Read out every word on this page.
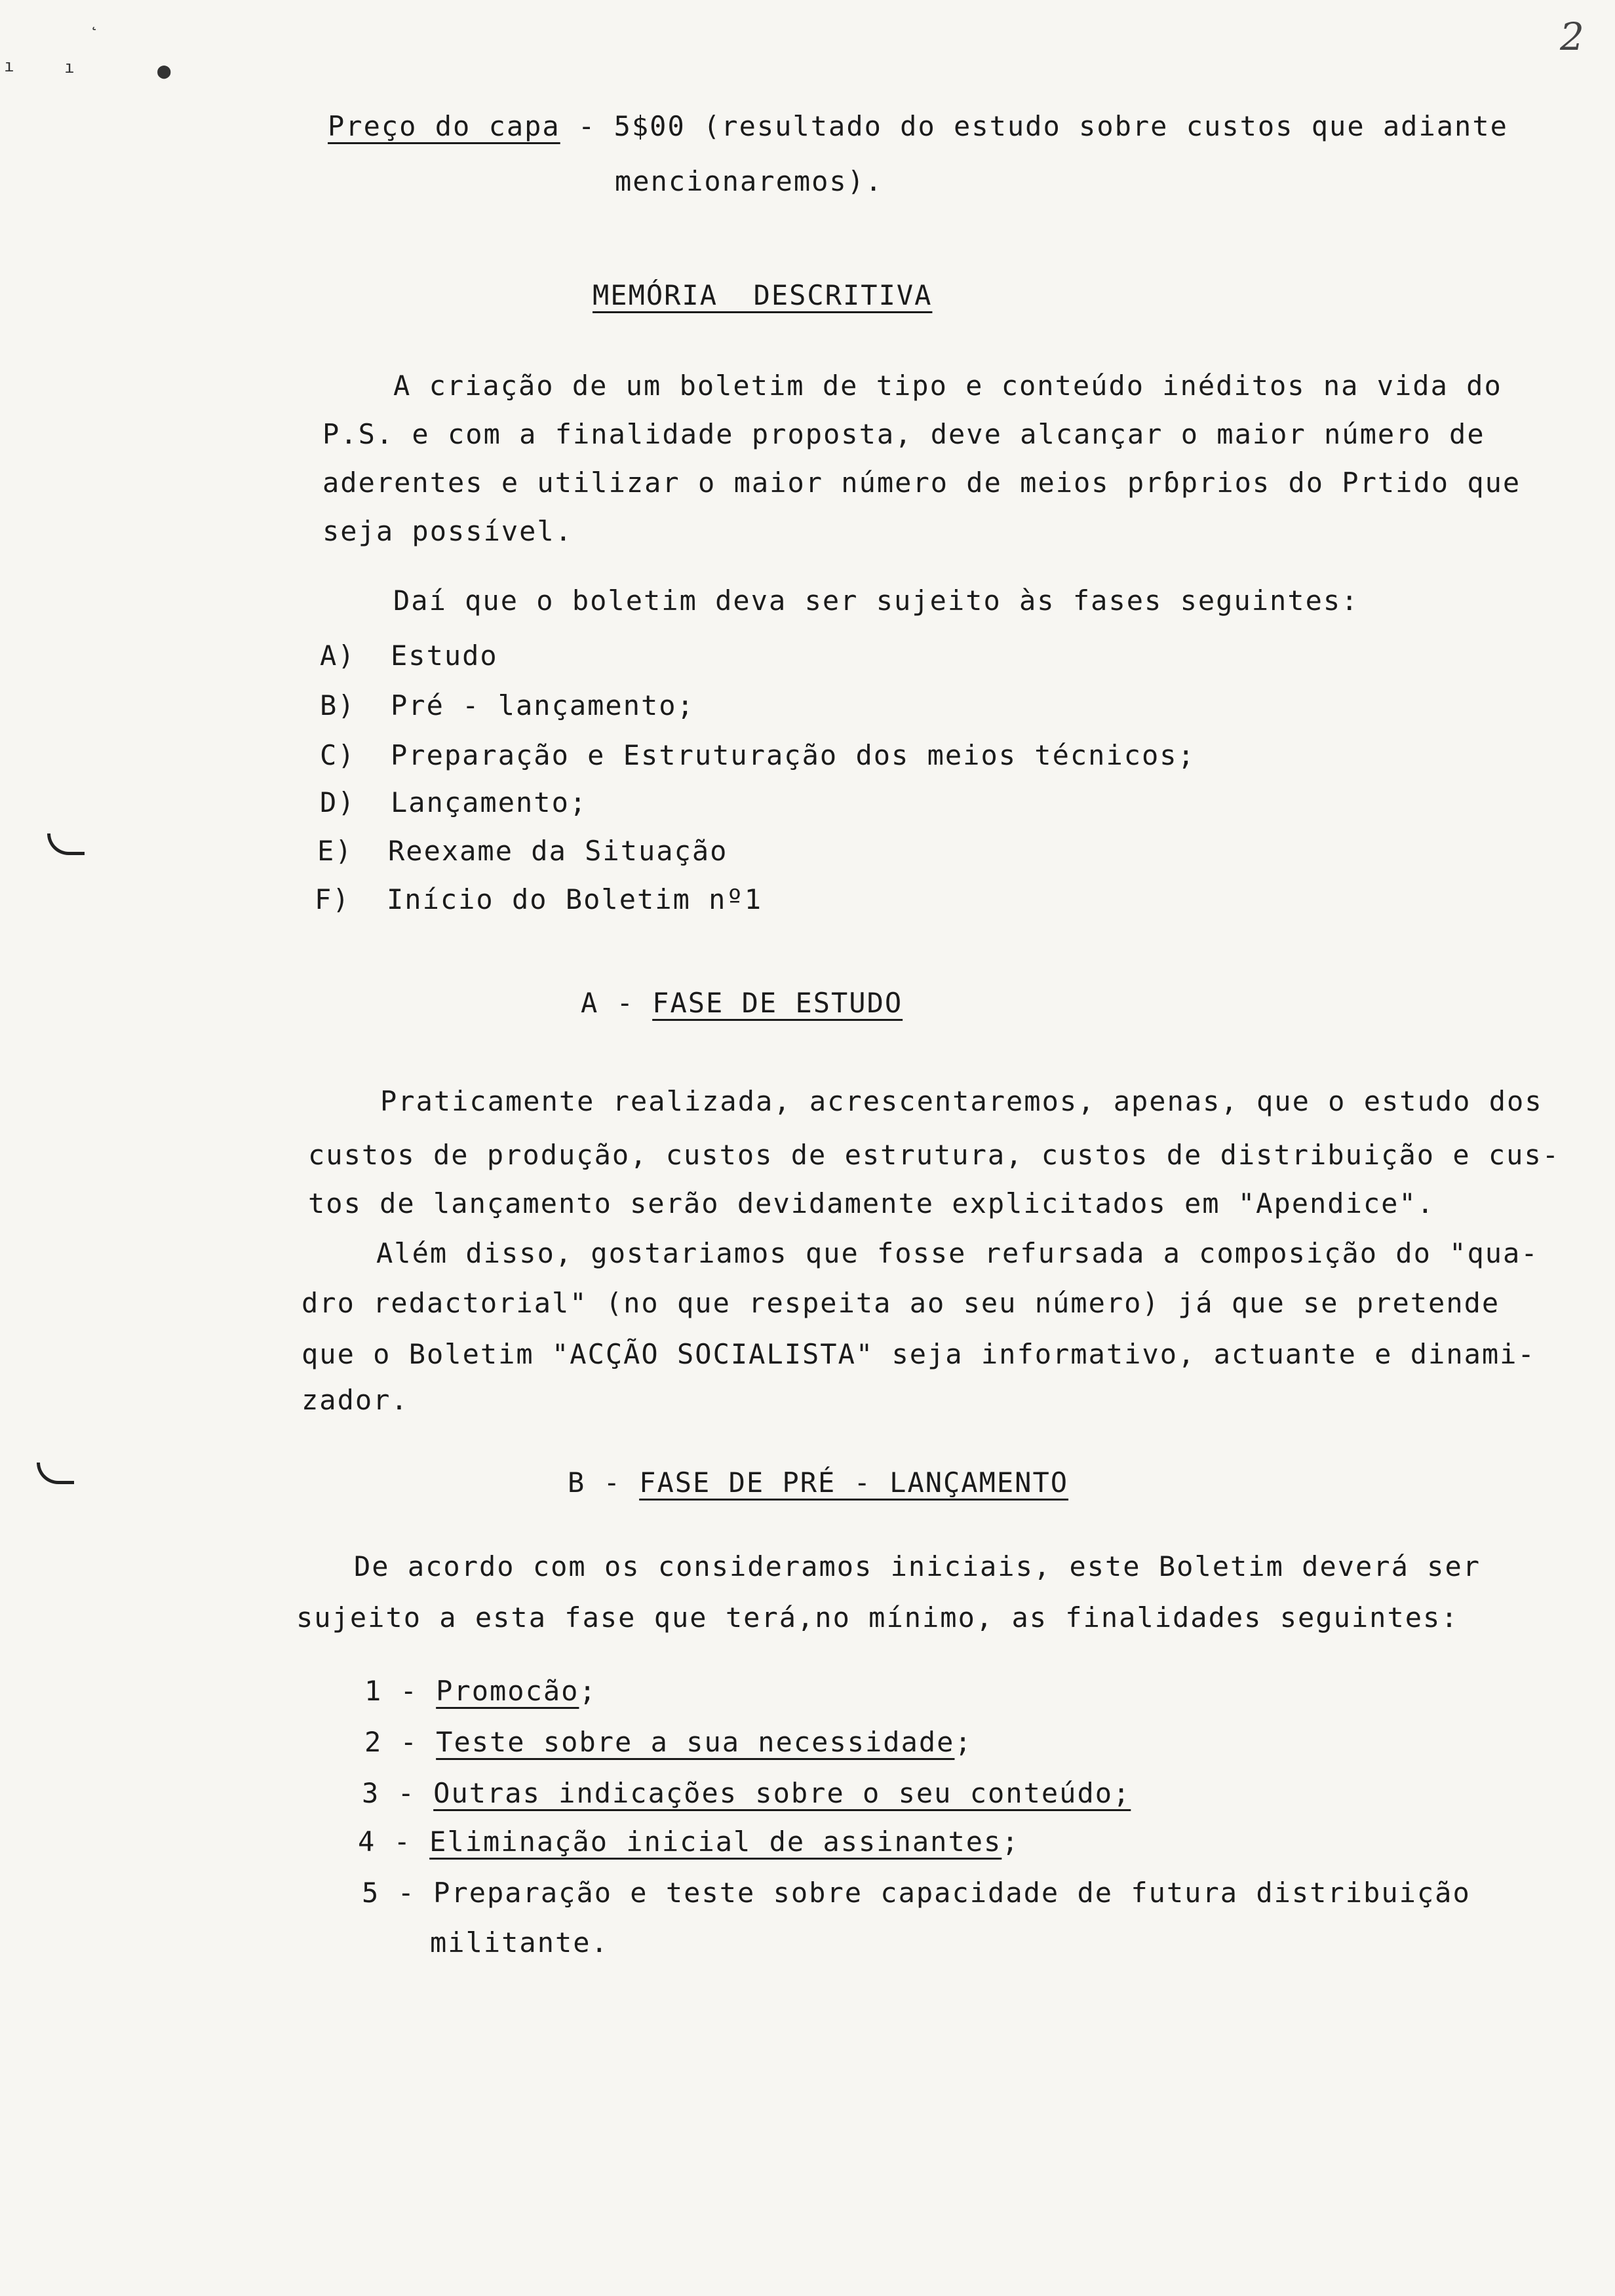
2
˛
ı	ı	●
Preço do capa - 5$00 (resultado do estudo sobre custos que adiante
mencionaremos).
MEMÓRIA  DESCRITIVA
A criação de um boletim de tipo e conteúdo inéditos na vida do
P.S. e com a finalidade proposta, deve alcançar o maior número de
aderentes e utilizar o maior número de meios prɓprios do Prtido que
seja possível.
Daí que o boletim deva ser sujeito às fases seguintes:
A) Estudo
B) Pré - lançamento;
C) Preparação e Estruturação dos meios técnicos;
D) Lançamento;
E) Reexame da Situação
F) Início do Boletim nº1
A - FASE DE ESTUDO
Praticamente realizada, acrescentaremos, apenas, que o estudo dos
custos de produção, custos de estrutura, custos de distribuição e cus-
tos de lançamento serão devidamente explicitados em "Apendice".
Além disso, gostariamos que fosse refursada a composição do "qua-
dro redactorial" (no que respeita ao seu número) já que se pretende
que o Boletim "ACÇÃO SOCIALISTA" seja informativo, actuante e dinami-
zador.
B - FASE DE PRÉ - LANÇAMENTO
De acordo com os consideramos iniciais, este Boletim deverá ser
sujeito a esta fase que terá,no mínimo, as finalidades seguintes:
1 - Promocão;
2 - Teste sobre a sua necessidade;
3 - Outras indicações sobre o seu conteúdo;
4 - Eliminação inicial de assinantes;
5 - Preparação e teste sobre capacidade de futura distribuição
militante.
